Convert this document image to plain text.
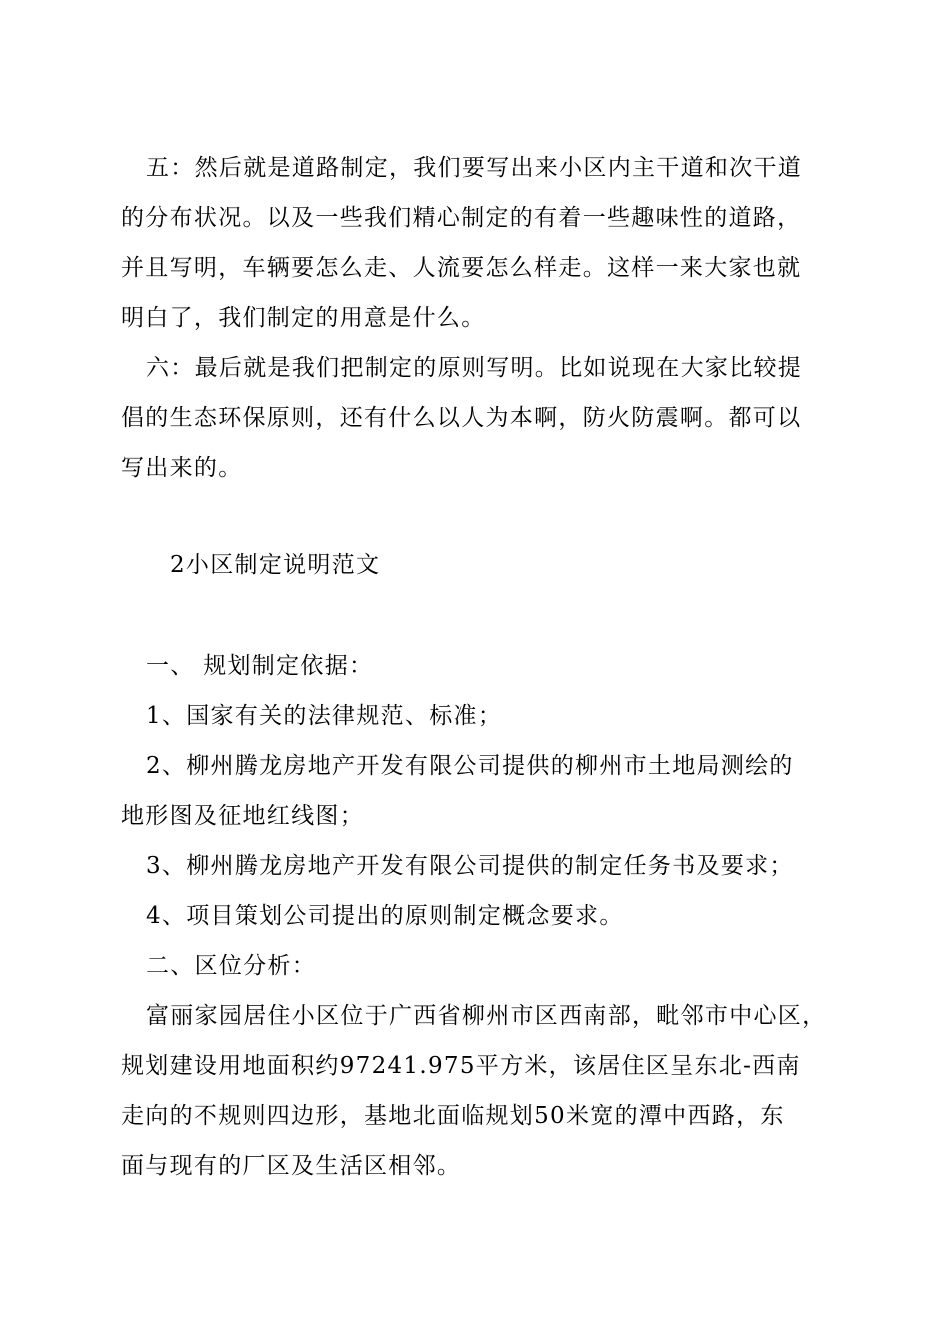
五：然后就是道路制定，我们要写出来小区内主干道和次干道
的分布状况。以及一些我们精心制定的有着一些趣味性的道路，
并且写明，车辆要怎么走、人流要怎么样走。这样一来大家也就
明白了，我们制定的用意是什么。
六：最后就是我们把制定的原则写明。比如说现在大家比较提
倡的生态环保原则，还有什么以人为本啊，防火防震啊。都可以
写出来的。
2小区制定说明范文
一、 规划制定依据：
1、国家有关的法律规范、标准；
2、柳州腾龙房地产开发有限公司提供的柳州市土地局测绘的
地形图及征地红线图；
3、柳州腾龙房地产开发有限公司提供的制定任务书及要求；
4、项目策划公司提出的原则制定概念要求。
二、区位分析：
富丽家园居住小区位于广西省柳州市区西南部，毗邻市中心区，
规划建设用地面积约97241.975平方米，该居住区呈东北-西南
走向的不规则四边形，基地北面临规划50米宽的潭中西路，东
面与现有的厂区及生活区相邻。
